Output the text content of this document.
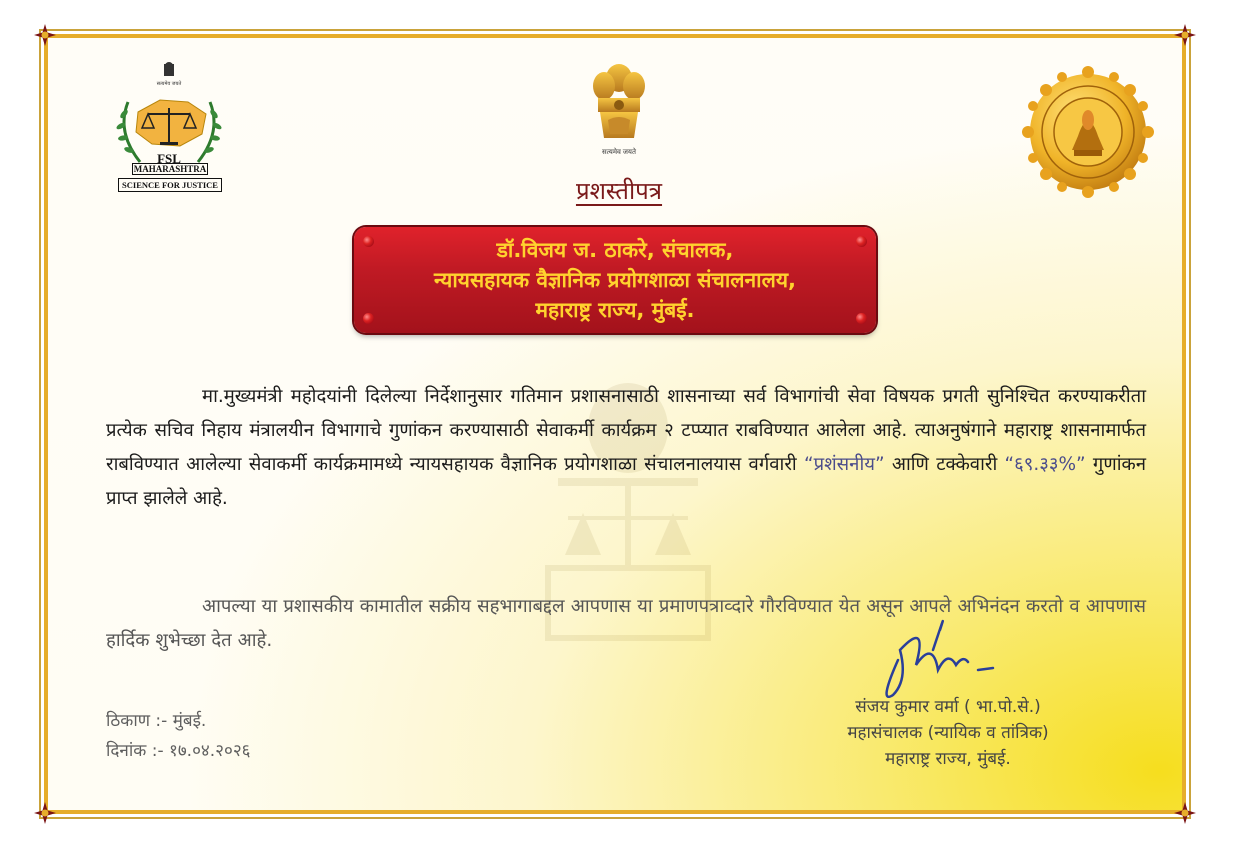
सत्यमेव जयते
FSL
MAHARASHTRA
SCIENCE FOR JUSTICE
सत्यमेव जयते
प्रशस्तीपत्र
डॉ.विजय ज. ठाकरे, संचालक,
न्यायसहायक वैज्ञानिक प्रयोगशाळा संचालनालय,
महाराष्ट्र राज्य, मुंबई.
मा.मुख्यमंत्री महोदयांनी दिलेल्या निर्देशानुसार गतिमान प्रशासनासाठी शासनाच्या सर्व विभागांची सेवा विषयक प्रगती सुनिश्चित करण्याकरीता प्रत्येक सचिव निहाय मंत्रालयीन विभागाचे गुणांकन करण्यासाठी सेवाकर्मी कार्यक्रम २ टप्प्यात राबविण्यात आलेला आहे. त्याअनुषंगाने महाराष्ट्र शासनामार्फत राबविण्यात आलेल्या सेवाकर्मी कार्यक्रमामध्ये न्यायसहायक वैज्ञानिक प्रयोगशाळा संचालनालयास वर्गवारी “प्रशंसनीय” आणि टक्केवारी “६९.३३%” गुणांकन प्राप्त झालेले आहे.
आपल्या या प्रशासकीय कामातील सक्रीय सहभागाबद्दल आपणास या प्रमाणपत्राव्दारे गौरविण्यात येत असून आपले अभिनंदन करतो व आपणास हार्दिक शुभेच्छा देत आहे.
ठिकाण :- मुंबई.
दिनांक :- १७.०४.२०२६
संजय कुमार वर्मा ( भा.पो.से.)
महासंचालक (न्यायिक व तांत्रिक)
महाराष्ट्र राज्य, मुंबई.
